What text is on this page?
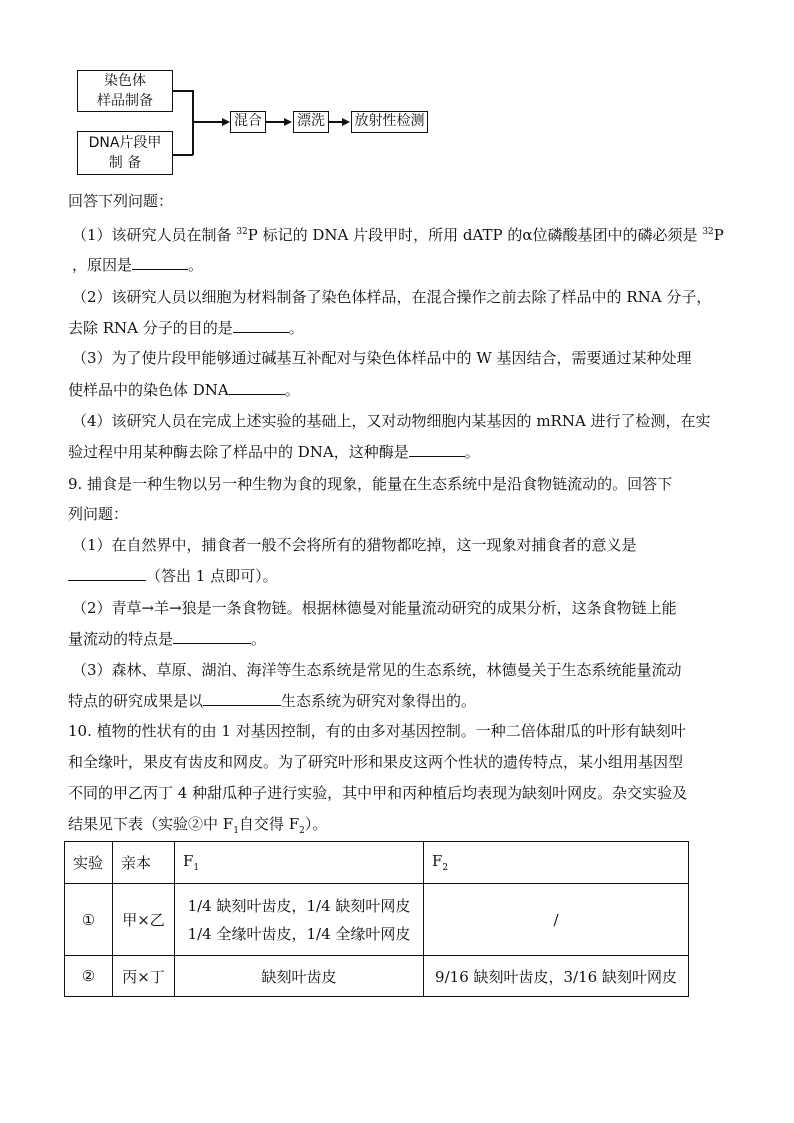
染色体
样品制备
DNA片段甲
制 备
混合	漂洗 放射性检测
回答下列问题：
（1）该研究人员在制备 $^{32}$P 标记的 DNA 片段甲时，所用 dATP 的α位磷酸基团中的磷必须是 $^{32}$P
，原因是	。
（2）该研究人员以细胞为材料制备了染色体样品，在混合操作之前去除了样品中的 RNA 分子，
去除 RNA 分子的目的是	。
（3）为了使片段甲能够通过碱基互补配对与染色体样品中的 W 基因结合，需要通过某种处理
使样品中的染色体 DNA	。
（4）该研究人员在完成上述实验的基础上，又对动物细胞内某基因的 mRNA 进行了检测，在实
验过程中用某种酶去除了样品中的 DNA，这种酶是	。
9. 捕食是一种生物以另一种生物为食的现象，能量在生态系统中是沿食物链流动的。回答下
列问题：
（1）在自然界中，捕食者一般不会将所有的猎物都吃掉，这一现象对捕食者的意义是
（答出 1 点即可）。
（2）青草→羊→狼是一条食物链。根据林德曼对能量流动研究的成果分析，这条食物链上能
量流动的特点是	。
（3）森林、草原、湖泊、海洋等生态系统是常见的生态系统，林德曼关于生态系统能量流动
特点的研究成果是以	生态系统为研究对象得出的。
10. 植物的性状有的由 1 对基因控制，有的由多对基因控制。一种二倍体甜瓜的叶形有缺刻叶
和全缘叶，果皮有齿皮和网皮。为了研究叶形和果皮这两个性状的遗传特点，某小组用基因型
不同的甲乙丙丁 4 种甜瓜种子进行实验，其中甲和丙种植后均表现为缺刻叶网皮。杂交实验及
结果见下表（实验②中 $F_1$自交得 $F_2$）。
实验	亲本	$F_1$	$F_2$
①	甲×乙	1/4 缺刻叶齿皮，1/4 缺刻叶网皮
1/4 全缘叶齿皮，1/4 全缘叶网皮	/
②	丙×丁	缺刻叶齿皮	9/16 缺刻叶齿皮，3/16 缺刻叶网皮
